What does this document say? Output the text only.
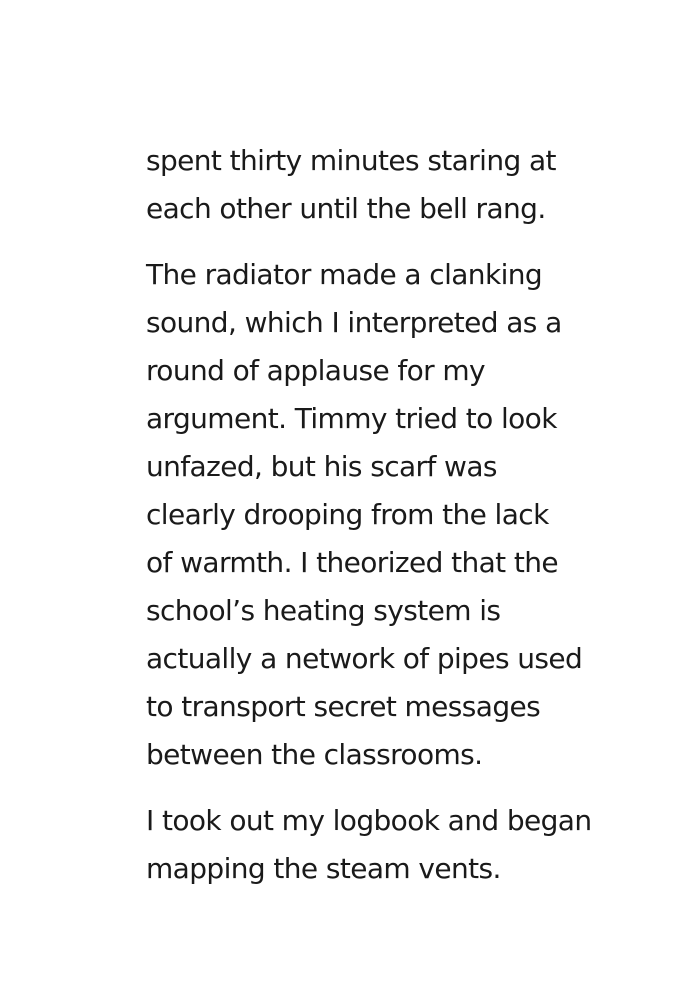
spent thirty minutes staring at
each other until the bell rang.
The radiator made a clanking
sound, which I interpreted as a
round of applause for my
argument. Timmy tried to look
unfazed, but his scarf was
clearly drooping from the lack
of warmth. I theorized that the
school’s heating system is
actually a network of pipes used
to transport secret messages
between the classrooms.
I took out my logbook and began
mapping the steam vents.
